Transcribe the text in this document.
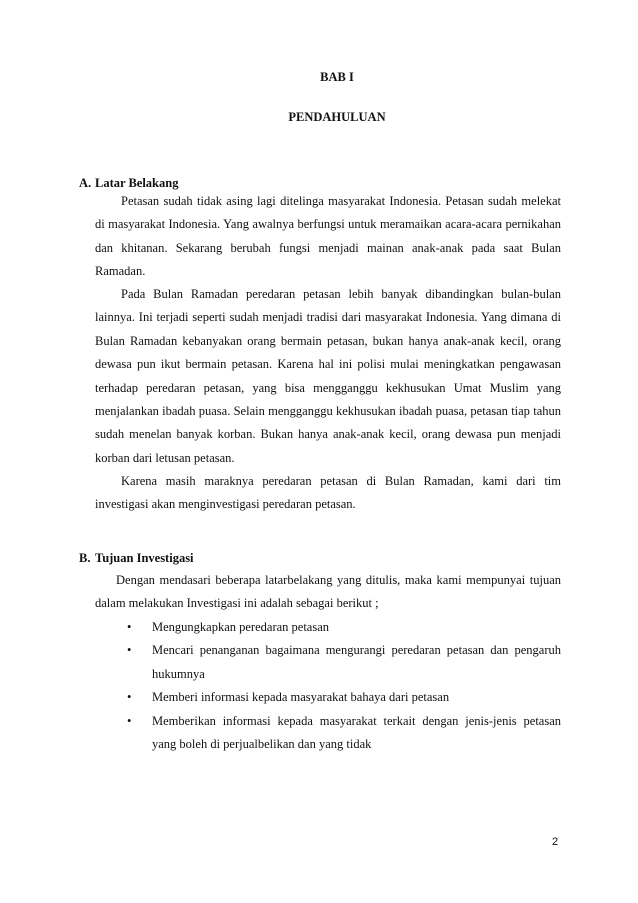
BAB I
PENDAHULUAN
A. Latar Belakang

Petasan sudah tidak asing lagi ditelinga masyarakat Indonesia. Petasan sudah melekat di masyarakat Indonesia. Yang awalnya berfungsi untuk meramaikan acara-acara pernikahan dan khitanan. Sekarang berubah fungsi menjadi mainan anak-anak pada saat Bulan Ramadan.

Pada Bulan Ramadan peredaran petasan lebih banyak dibandingkan bulan-bulan lainnya. Ini terjadi seperti sudah menjadi tradisi dari masyarakat Indonesia. Yang dimana di Bulan Ramadan kebanyakan orang bermain petasan, bukan hanya anak-anak kecil, orang dewasa pun ikut bermain petasan. Karena hal ini polisi mulai meningkatkan pengawasan terhadap peredaran petasan, yang bisa mengganggu kekhusukan Umat Muslim yang menjalankan ibadah puasa. Selain mengganggu kekhusukan ibadah puasa, petasan tiap tahun sudah menelan banyak korban. Bukan hanya anak-anak kecil, orang dewasa pun menjadi korban dari letusan petasan.

Karena masih maraknya peredaran petasan di Bulan Ramadan, kami dari tim investigasi akan menginvestigasi peredaran petasan.

B. Tujuan Investigasi

Dengan mendasari beberapa latarbelakang yang ditulis, maka kami mempunyai tujuan dalam melakukan Investigasi ini adalah sebagai berikut ;

• Mengungkapkan peredaran petasan
• Mencari penanganan bagaimana mengurangi peredaran petasan dan pengaruh hukumnya
• Memberi informasi kepada masyarakat bahaya dari petasan
• Memberikan informasi kepada masyarakat terkait dengan jenis-jenis petasan yang boleh di perjualbelikan dan yang tidak
2
